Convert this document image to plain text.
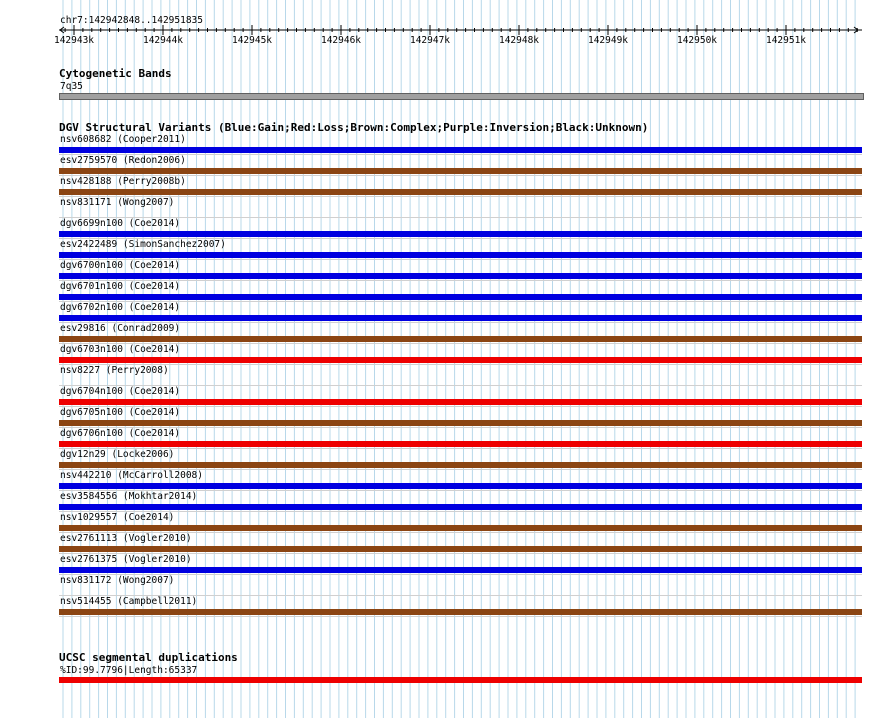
chr7:142942848..142951835
142943k	142944k	142945k	142946k	142947k	142948k	142949k	142950k	142951k
Cytogenetic Bands
7q35
DGV Structural Variants (Blue:Gain;Red:Loss;Brown:Complex;Purple:Inversion;Black:Unknown)
nsv608682 (Cooper2011)
esv2759570 (Redon2006)
nsv428188 (Perry2008b)
nsv831171 (Wong2007)
dgv6699n100 (Coe2014)
esv2422489 (SimonSanchez2007)
dgv6700n100 (Coe2014)
dgv6701n100 (Coe2014)
dgv6702n100 (Coe2014)
esv29816 (Conrad2009)
dgv6703n100 (Coe2014)
nsv8227 (Perry2008)
dgv6704n100 (Coe2014)
dgv6705n100 (Coe2014)
dgv6706n100 (Coe2014)
dgv12n29 (Locke2006)
nsv442210 (McCarroll2008)
esv3584556 (Mokhtar2014)
nsv1029557 (Coe2014)
esv2761113 (Vogler2010)
esv2761375 (Vogler2010)
nsv831172 (Wong2007)
nsv514455 (Campbell2011)
UCSC segmental duplications
%ID:99.7796|Length:65337
